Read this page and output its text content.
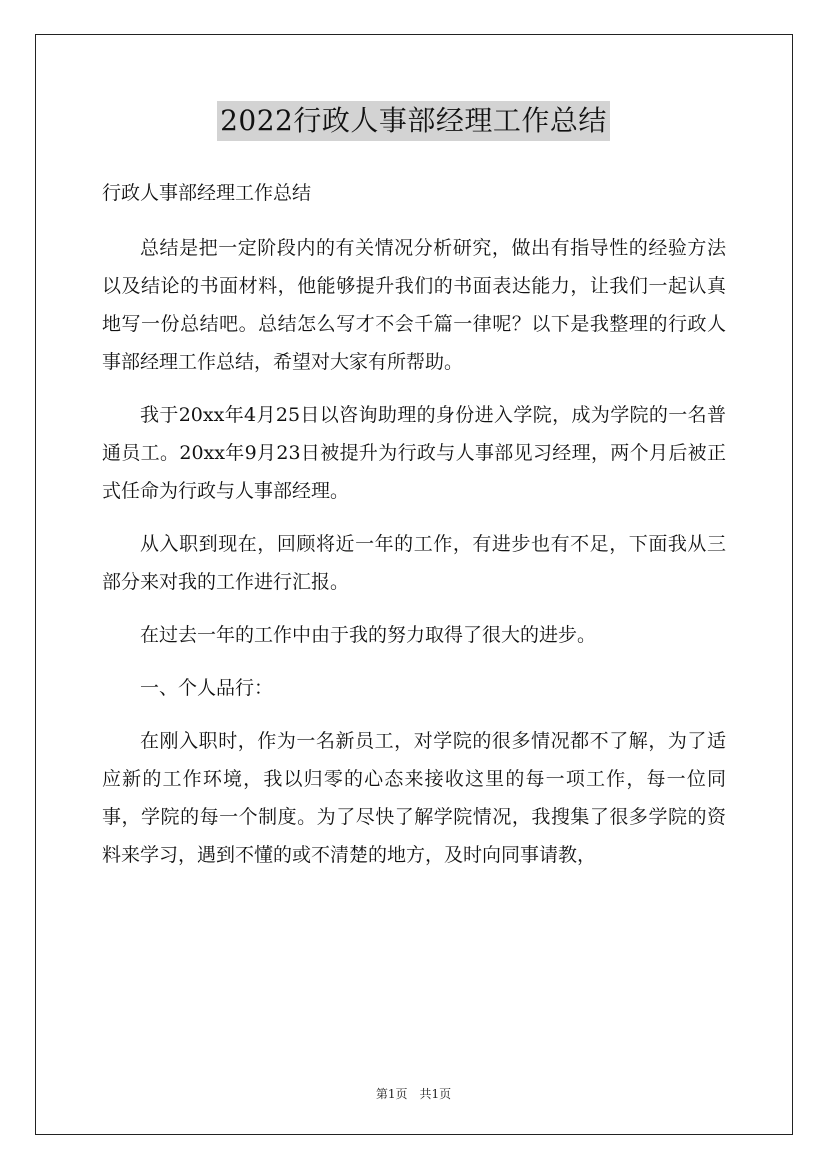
2022行政人事部经理工作总结

行政人事部经理工作总结

总结是把一定阶段内的有关情况分析研究，做出有指导性的经验方法以及结论的书面材料，他能够提升我们的书面表达能力，让我们一起认真地写一份总结吧。总结怎么写才不会千篇一律呢？以下是我整理的行政人事部经理工作总结，希望对大家有所帮助。

我于20xx年4月25日以咨询助理的身份进入学院，成为学院的一名普通员工。20xx年9月23日被提升为行政与人事部见习经理，两个月后被正式任命为行政与人事部经理。

从入职到现在，回顾将近一年的工作，有进步也有不足，下面我从三部分来对我的工作进行汇报。

在过去一年的工作中由于我的努力取得了很大的进步。

一、个人品行：

在刚入职时，作为一名新员工，对学院的很多情况都不了解，为了适应新的工作环境，我以归零的心态来接收这里的每一项工作，每一位同事，学院的每一个制度。为了尽快了解学院情况，我搜集了很多学院的资料来学习，遇到不懂的或不清楚的地方，及时向同事请教，

第1页　共1页
